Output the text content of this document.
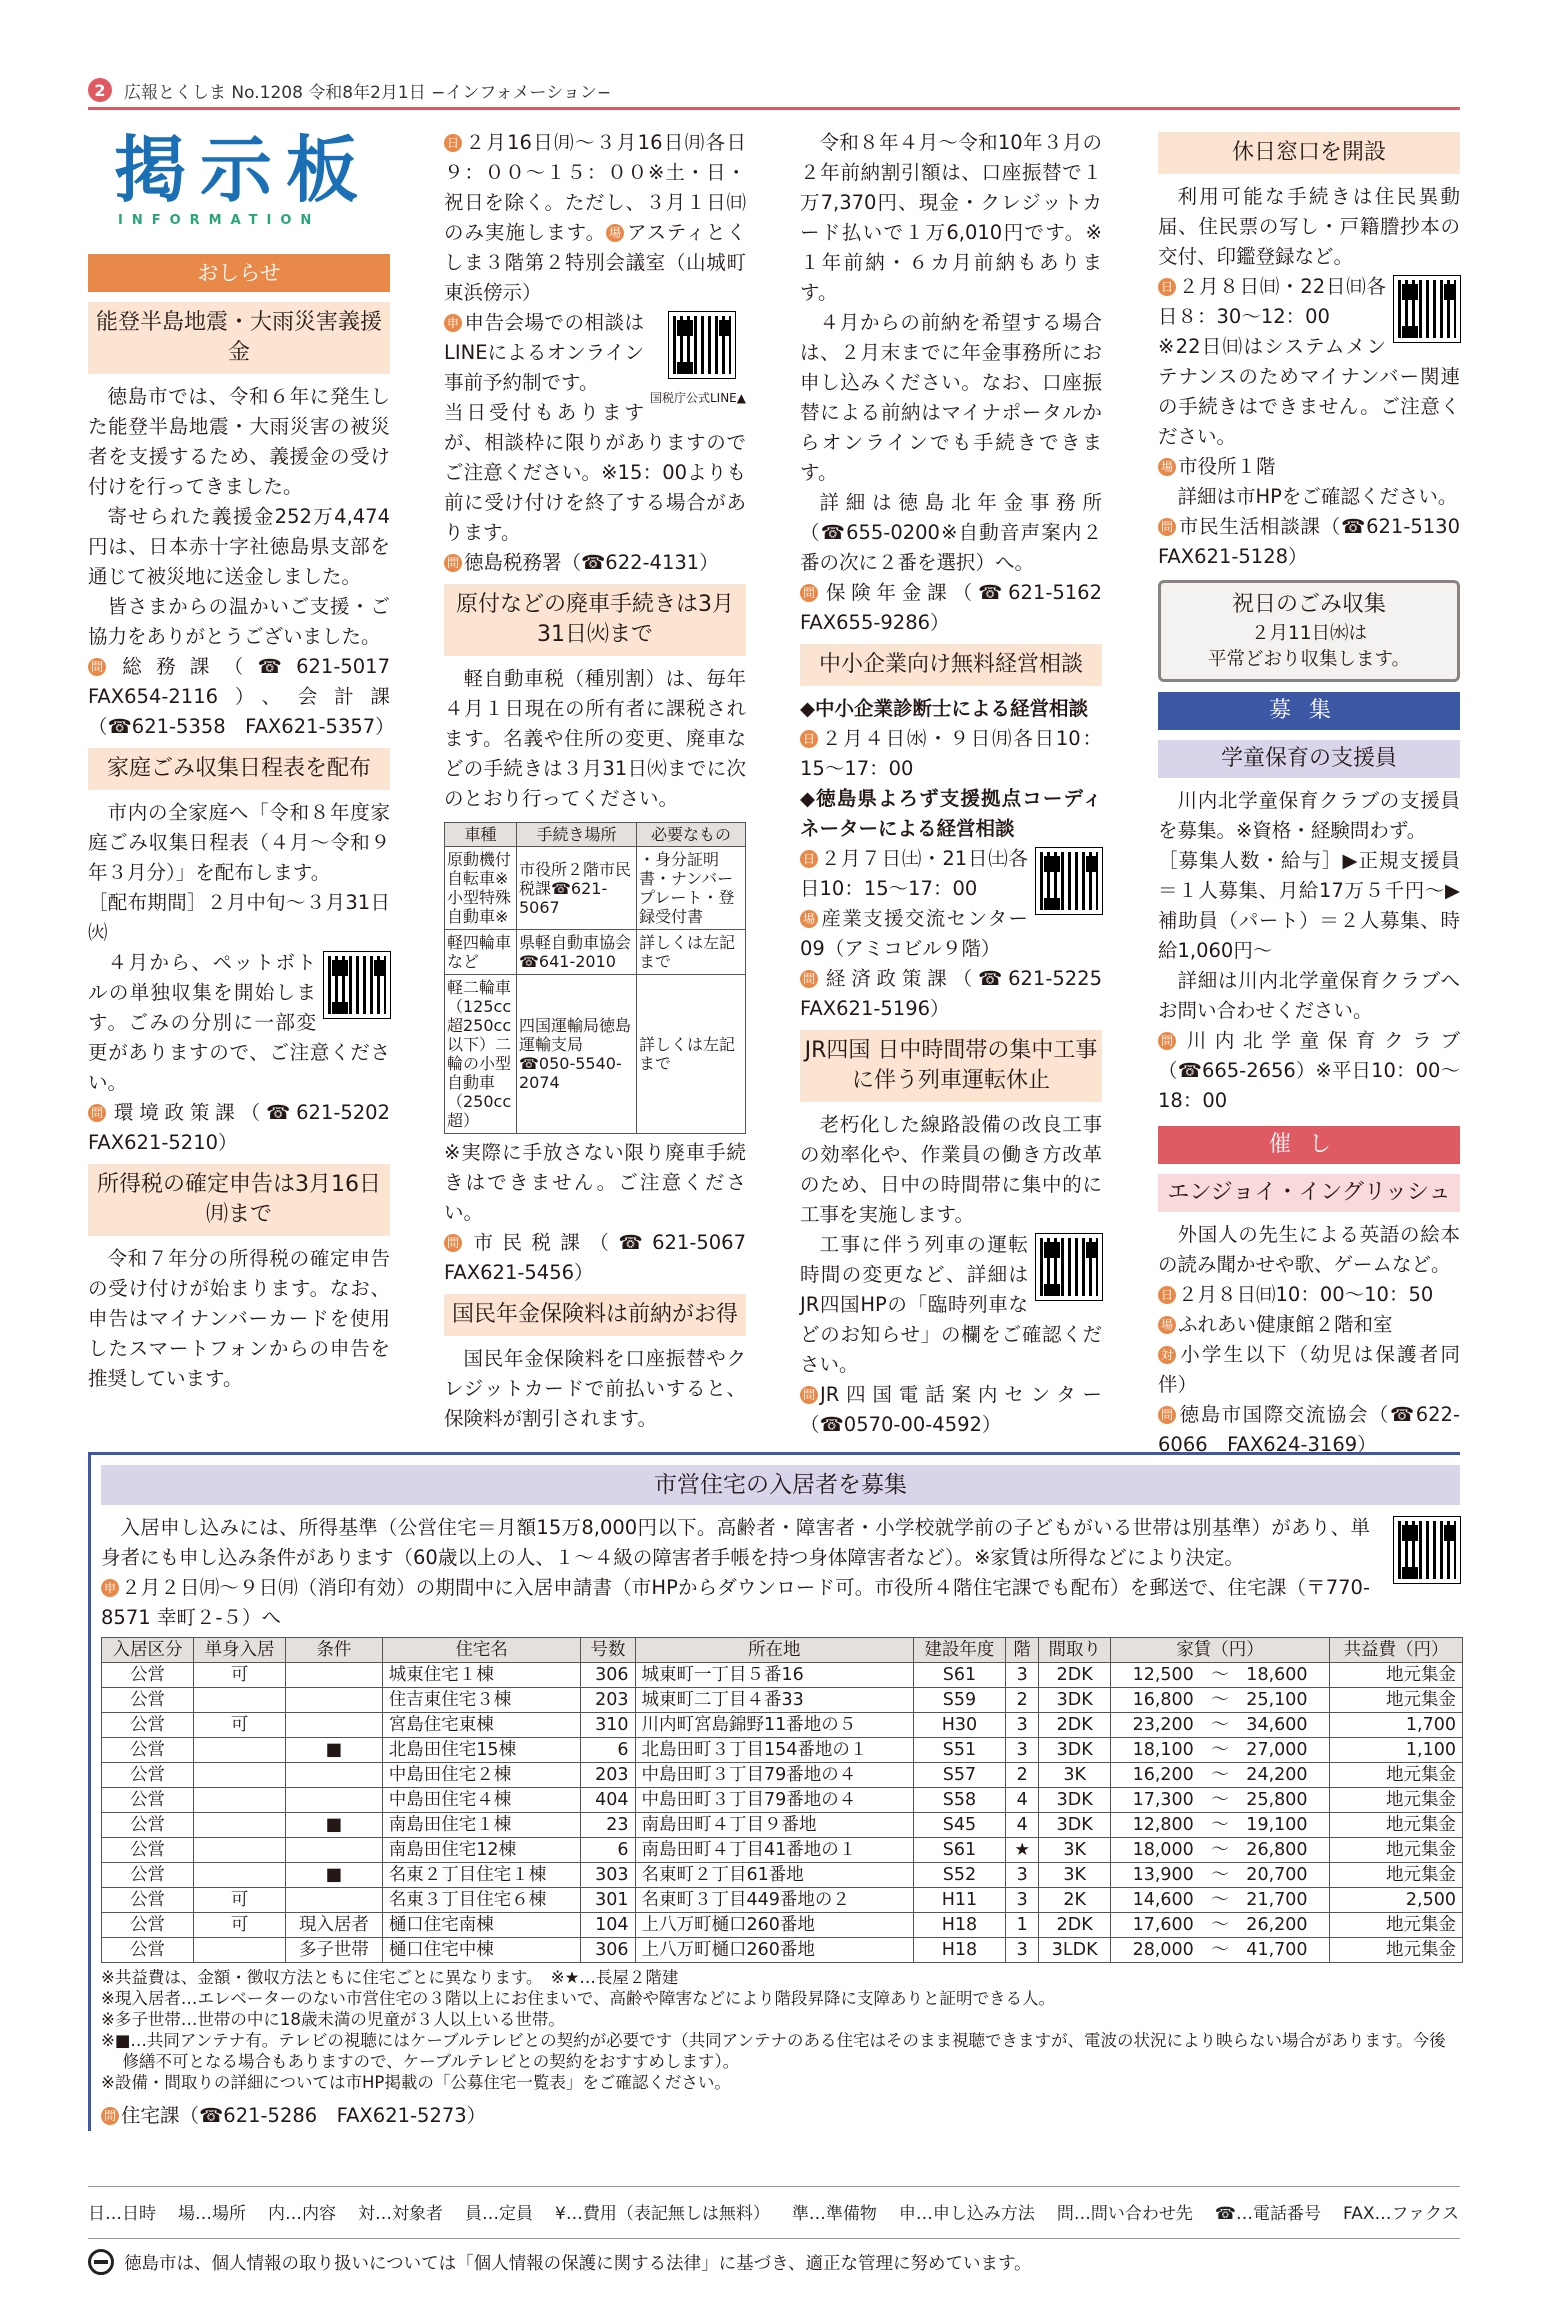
2	広報とくしま No.1208 令和8年2月1日 −インフォメーション−
掲示板
INFORMATION
おしらせ
能登半島地震・大雨災害義援金

徳島市では、令和６年に発生した能登半島地震・大雨災害の被災者を支援するため、義援金の受け付けを行ってきました。

寄せられた義援金252万4,474円は、日本赤十字社徳島県支部を通じて被災地に送金しました。

皆さまからの温かいご支援・ご協力をありがとうございました。

問 総務課（☎621-5017　FAX654-2116）、会計課（☎621-5358　FAX621-5357）

家庭ごみ収集日程表を配布

市内の全家庭へ「令和８年度家庭ごみ収集日程表（４月〜令和９年３月分）」を配布します。

［配布期間］２月中旬〜３月31日㈫

４月から、ペットボトルの単独収集を開始します。ごみの分別に一部変更がありますので、ご注意ください。

問 環境政策課（☎621-5202　FAX621-5210）

所得税の確定申告は3月16日㈪まで

令和７年分の所得税の確定申告の受け付けが始まります。なお、申告はマイナンバーカードを使用したスマートフォンからの申告を推奨しています。

日 ２月16日㈪〜３月16日㈪各日９：００〜１５：００※土・日・祝日を除く。ただし、３月１日㈰のみ実施します。 場 アスティとくしま３階第２特別会議室（山城町東浜傍示）

国税庁公式LINE▲

申 申告会場での相談はLINEによるオンライン事前予約制です。

当日受付もありますが、相談枠に限りがありますのでご注意ください。※15：00よりも前に受け付けを終了する場合があります。

問 徳島税務署（☎622-4131）

原付などの廃車手続きは3月31日㈫まで

軽自動車税（種別割）は、毎年４月１日現在の所有者に課税されます。名義や住所の変更、廃車などの手続きは３月31日㈫までに次のとおり行ってください。

車種	手続き場所	必要なもの
原動機付自転車※小型特殊自動車※	市役所２階市民税課☎621-5067	・身分証明書・ナンバープレート・登録受付書
軽四輪車など	県軽自動車協会☎641-2010	詳しくは左記まで
軽二輪車（125cc超250cc以下）二輪の小型自動車（250cc超）	四国運輸局徳島運輸支局☎050-5540-2074	詳しくは左記まで

※実際に手放さない限り廃車手続きはできません。ご注意ください。

問 市民税課（☎621-5067　FAX621-5456）

国民年金保険料は前納がお得

国民年金保険料を口座振替やクレジットカードで前払いすると、保険料が割引されます。

令和８年４月〜令和10年３月の２年前納割引額は、口座振替で１万7,370円、現金・クレジットカード払いで１万6,010円です。※１年前納・６カ月前納もあります。

４月からの前納を希望する場合は、２月末までに年金事務所にお申し込みください。なお、口座振替による前納はマイナポータルからオンラインでも手続きできます。

詳細は徳島北年金事務所（☎655-0200※自動音声案内２番の次に２番を選択）へ。

問 保険年金課（☎621-5162　FAX655-9286）

中小企業向け無料経営相談

◆中小企業診断士による経営相談

日 ２月４日㈬・９日㈪各日10：15〜17：00

◆徳島県よろず支援拠点コーディネーターによる経営相談

日 ２月７日㈯・21日㈯各日10：15〜17：00

場 産業支援交流センター09（アミコビル９階）

問 経済政策課（☎621-5225　FAX621-5196）

JR四国 日中時間帯の集中工事に伴う列車運転休止

老朽化した線路設備の改良工事の効率化や、作業員の働き方改革のため、日中の時間帯に集中的に工事を実施します。

工事に伴う列車の運転時間の変更など、詳細はJR四国HPの「臨時列車などのお知らせ」の欄をご確認ください。

問 JR四国電話案内センター（☎0570-00-4592）

休日窓口を開設

利用可能な手続きは住民異動届、住民票の写し・戸籍謄抄本の交付、印鑑登録など。

日 ２月８日㈰・22日㈰各日８：30〜12：00

※22日㈰はシステムメンテナンスのためマイナンバー関連の手続きはできません。ご注意ください。

場 市役所１階

詳細は市HPをご確認ください。

問 市民生活相談課（☎621-5130　FAX621-5128）

祝日のごみ収集
２月11日㈬は
平常どおり収集します。
募集
学童保育の支援員

川内北学童保育クラブの支援員を募集。※資格・経験問わず。

［募集人数・給与］▶正規支援員＝１人募集、月給17万５千円〜▶補助員（パート）＝２人募集、時給1,060円〜

詳細は川内北学童保育クラブへお問い合わせください。

問 川内北学童保育クラブ（☎665-2656）※平日10：00〜18：00

催し
エンジョイ・イングリッシュ

外国人の先生による英語の絵本の読み聞かせや歌、ゲームなど。

日 ２月８日㈰10：00〜10：50

場 ふれあい健康館２階和室

対 小学生以下（幼児は保護者同伴）

問 徳島市国際交流協会（☎622-6066　FAX624-3169）

市営住宅の入居者を募集

入居申し込みには、所得基準（公営住宅＝月額15万8,000円以下。高齢者・障害者・小学校就学前の子どもがいる世帯は別基準）があり、単身者にも申し込み条件があります（60歳以上の人、１〜４級の障害者手帳を持つ身体障害者など）。※家賃は所得などにより決定。

申 ２月２日㈪〜９日㈪（消印有効）の期間中に入居申請書（市HPからダウンロード可。市役所４階住宅課でも配布）を郵送で、住宅課（〒770-8571 幸町２-５）へ

入居区分	単身入居	条件	住宅名	号数	所在地	建設年度	階	間取り	家賃（円）	共益費（円）
公営	可		城東住宅１棟	306	城東町一丁目５番16	S61	3	2DK	12,500　〜　18,600	地元集金
公営			住吉東住宅３棟	203	城東町二丁目４番33	S59	2	3DK	16,800　〜　25,100	地元集金
公営	可		宮島住宅東棟	310	川内町宮島錦野11番地の５	H30	3	2DK	23,200　〜　34,600	1,700
公営		■	北島田住宅15棟	6	北島田町３丁目154番地の１	S51	3	3DK	18,100　〜　27,000	1,100
公営			中島田住宅２棟	203	中島田町３丁目79番地の４	S57	2	3K	16,200　〜　24,200	地元集金
公営			中島田住宅４棟	404	中島田町３丁目79番地の４	S58	4	3DK	17,300　〜　25,800	地元集金
公営		■	南島田住宅１棟	23	南島田町４丁目９番地	S45	4	3DK	12,800　〜　19,100	地元集金
公営			南島田住宅12棟	6	南島田町４丁目41番地の１	S61	★	3K	18,000　〜　26,800	地元集金
公営		■	名東２丁目住宅１棟	303	名東町２丁目61番地	S52	3	3K	13,900　〜　20,700	地元集金
公営	可		名東３丁目住宅６棟	301	名東町３丁目449番地の２	H11	3	2K	14,600　〜　21,700	2,500
公営	可	現入居者	樋口住宅南棟	104	上八万町樋口260番地	H18	1	2DK	17,600　〜　26,200	地元集金
公営		多子世帯	樋口住宅中棟	306	上八万町樋口260番地	H18	3	3LDK	28,000　〜　41,700	地元集金

※共益費は、金額・徴収方法ともに住宅ごとに異なります。　※★…長屋２階建

※現入居者…エレベーターのない市営住宅の３階以上にお住まいで、高齢や障害などにより階段昇降に支障ありと証明できる人。

※多子世帯…世帯の中に18歳未満の児童が３人以上いる世帯。

※■…共同アンテナ有。テレビの視聴にはケーブルテレビとの契約が必要です（共同アンテナのある住宅はそのまま視聴できますが、電波の状況により映らない場合があります。今後修繕不可となる場合もありますので、ケーブルテレビとの契約をおすすめします）。

※設備・間取りの詳細については市HP掲載の「公募住宅一覧表」をご確認ください。

問 住宅課（☎621-5286　FAX621-5273）

日…日時 場…場所 内…内容 対…対象者 員…定員 ¥…費用（表記無しは無料） 準…準備物 申…申し込み方法 問…問い合わせ先 ☎…電話番号 FAX…ファクス
徳島市は、個人情報の取り扱いについては「個人情報の保護に関する法律」に基づき、適正な管理に努めています。
